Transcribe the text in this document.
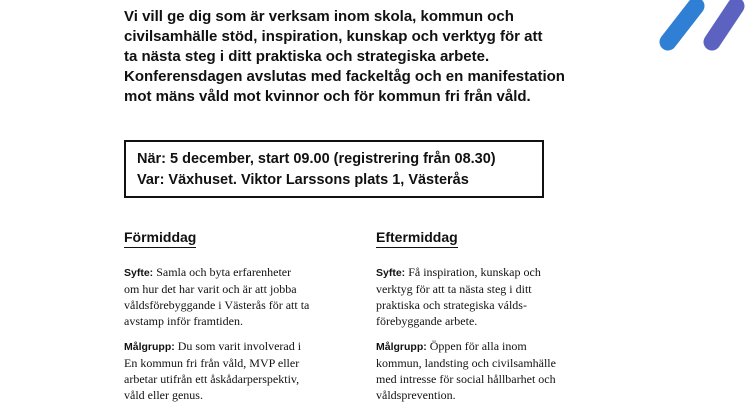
Vi vill ge dig som är verksam inom skola, kommun och
civilsamhälle stöd, inspiration, kunskap och verktyg för att
ta nästa steg i ditt praktiska och strategiska arbete.
Konferensdagen avslutas med fackeltåg och en manifestation
mot mäns våld mot kvinnor och för kommun fri från våld.
När: 5 december, start 09.00 (registrering från 08.30)
Var: Växhuset. Viktor Larssons plats 1, Västerås
Förmiddag
Syfte: Samla och byta erfarenheter
om hur det har varit och är att jobba
våldsförebyggande i Västerås för att ta
avstamp inför framtiden.
Målgrupp: Du som varit involverad i
En kommun fri från våld, MVP eller
arbetar utifrån ett åskådarperspektiv,
våld eller genus.
Eftermiddag
Syfte: Få inspiration, kunskap och
verktyg för att ta nästa steg i ditt
praktiska och strategiska válds-
förebyggande arbete.
Målgrupp: Öppen för alla inom
kommun, landsting och civilsamhälle
med intresse för social hållbarhet och
våldsprevention.
